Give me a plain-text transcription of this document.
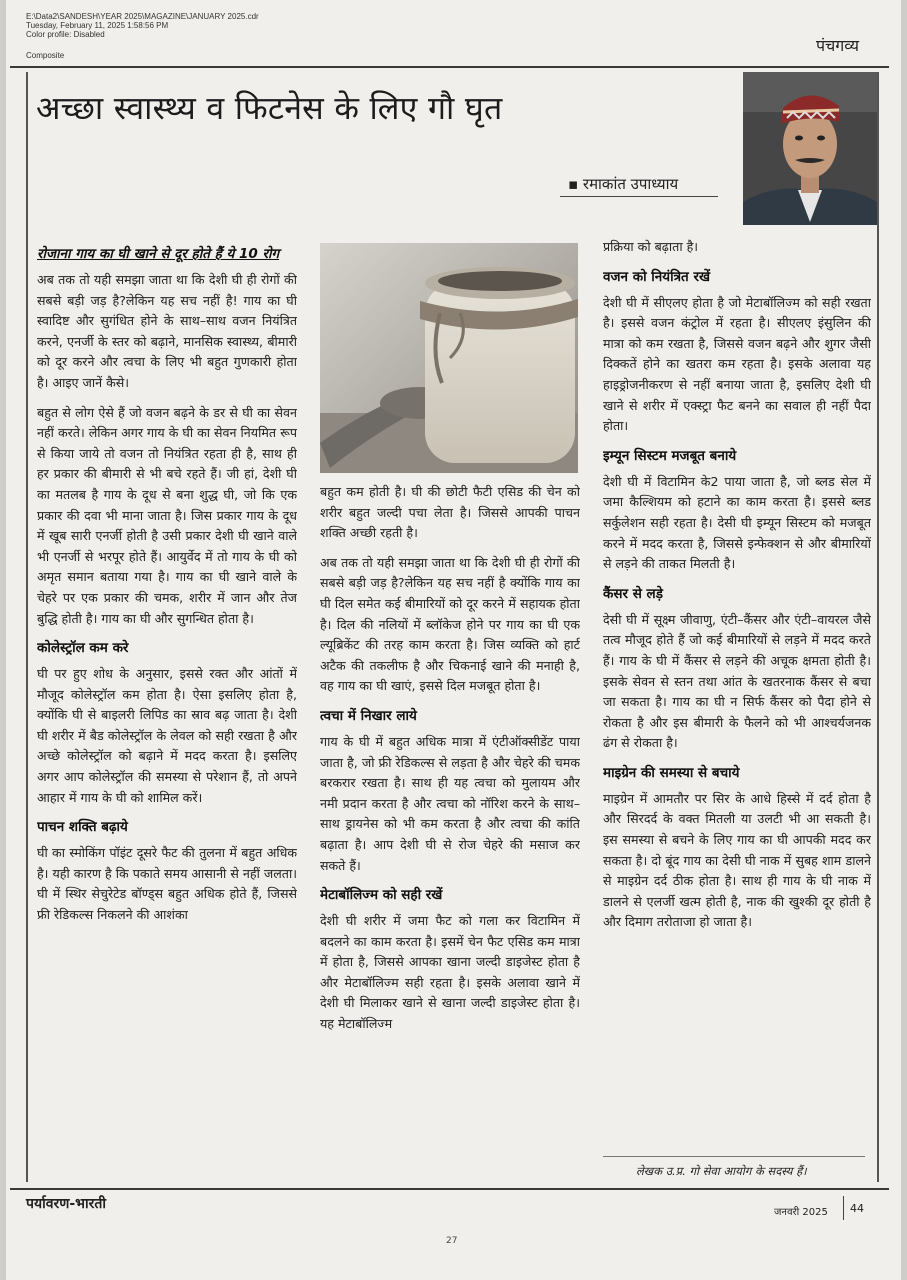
E:\Data2\SANDESH\YEAR 2025\MAGAZINE\JANUARY 2025.cdr
Tuesday, February 11, 2025 1:58:56 PM
Color profile: Disabled
Composite
पंचगव्य
अच्छा स्वास्थ्य व फिटनेस के लिए गौ घृत
▪ रमाकांत उपाध्याय
रोजाना गाय का घी खाने से दूर होते हैं ये 10 रोग

अब तक तो यही समझा जाता था कि देशी घी ही रोगों की सबसे बड़ी जड़ है?लेकिन यह सच नहीं है! गाय का घी स्वादिष्ट और सुगंधित होने के साथ–साथ वजन नियंत्रित करने, एनर्जी के स्तर को बढ़ाने, मानसिक स्वास्थ्य, बीमारी को दूर करने और त्वचा के लिए भी बहुत गुणकारी होता है। आइए जानें कैसे।

बहुत से लोग ऐसे हैं जो वजन बढ़ने के डर से घी का सेवन नहीं करते। लेकिन अगर गाय के घी का सेवन नियमित रूप से किया जाये तो वजन तो नियंत्रित रहता ही है, साथ ही हर प्रकार की बीमारी से भी बचे रहते हैं। जी हां, देशी घी का मतलब है गाय के दूध से बना शुद्ध घी, जो कि एक प्रकार की दवा भी माना जाता है। जिस प्रकार गाय के दूध में खूब सारी एनर्जी होती है उसी प्रकार देशी घी खाने वाले भी एनर्जी से भरपूर होते हैं। आयुर्वेद में तो गाय के घी को अमृत समान बताया गया है। गाय का घी खाने वाले के चेहरे पर एक प्रकार की चमक, शरीर में जान और तेज बुद्धि होती है। गाय का घी और सुगन्धित होता है।

कोलेस्ट्रॉल कम करे

घी पर हुए शोध के अनुसार, इससे रक्त और आंतों में मौजूद कोलेस्ट्रॉल कम होता है। ऐसा इसलिए होता है, क्योंकि घी से बाइलरी लिपिड का स्राव बढ़ जाता है। देशी घी शरीर में बैड कोलेस्ट्रॉल के लेवल को सही रखता है और अच्छे कोलेस्ट्रॉल को बढ़ाने में मदद करता है। इसलिए अगर आप कोलेस्ट्रॉल की समस्या से परेशान हैं, तो अपने आहार में गाय के घी को शामिल करें।

पाचन शक्ति बढ़ाये

घी का स्मोकिंग पॉइंट दूसरे फैट की तुलना में बहुत अधिक है। यही कारण है कि पकाते समय आसानी से नहीं जलता। घी में स्थिर सेचुरेटेड बॉण्ड्स बहुत अधिक होते हैं, जिससे फ्री रेडिकल्स निकलने की आशंका

बहुत कम होती है। घी की छोटी फैटी एसिड की चेन को शरीर बहुत जल्दी पचा लेता है। जिससे आपकी पाचन शक्ति अच्छी रहती है।

अब तक तो यही समझा जाता था कि देशी घी ही रोगों की सबसे बड़ी जड़ है?लेकिन यह सच नहीं है क्योंकि गाय का घी दिल समेत कई बीमारियों को दूर करने में सहायक होता है। दिल की नलियों में ब्लॉकेज होने पर गाय का घी एक ल्यूब्रिकेंट की तरह काम करता है। जिस व्यक्ति को हार्ट अटैक की तकलीफ है और चिकनाई खाने की मनाही है, वह गाय का घी खाएं, इससे दिल मजबूत होता है।

त्वचा में निखार लाये

गाय के घी में बहुत अधिक मात्रा में एंटीऑक्सीडेंट पाया जाता है, जो फ्री रेडिकल्स से लड़ता है और चेहरे की चमक बरकरार रखता है। साथ ही यह त्वचा को मुलायम और नमी प्रदान करता है और त्वचा को नॉरिश करने के साथ–साथ ड्रायनेस को भी कम करता है और त्वचा की कांति बढ़ाता है। आप देशी घी से रोज चेहरे की मसाज कर सकते हैं।

मेटाबॉलिज्म को सही रखें

देशी घी शरीर में जमा फैट को गला कर विटामिन में बदलने का काम करता है। इसमें चेन फैट एसिड कम मात्रा में होता है, जिससे आपका खाना जल्दी डाइजेस्ट होता है और मेटाबॉलिज्म सही रहता है। इसके अलावा खाने में देशी घी मिलाकर खाने से खाना जल्दी डाइजेस्ट होता है। यह मेटाबॉलिज्म

प्रक्रिया को बढ़ाता है।

वजन को नियंत्रित रखें

देशी घी में सीएलए होता है जो मेटाबॉलिज्म को सही रखता है। इससे वजन कंट्रोल में रहता है। सीएलए इंसुलिन की मात्रा को कम रखता है, जिससे वजन बढ़ने और शुगर जैसी दिक्कतें होने का खतरा कम रहता है। इसके अलावा यह हाइड्रोजनीकरण से नहीं बनाया जाता है, इसलिए देशी घी खाने से शरीर में एक्स्ट्रा फैट बनने का सवाल ही नहीं पैदा होता।

इम्यून सिस्टम मजबूत बनाये

देशी घी में विटामिन के2 पाया जाता है, जो ब्लड सेल में जमा कैल्शियम को हटाने का काम करता है। इससे ब्लड सर्कुलेशन सही रहता है। देसी घी इम्यून सिस्टम को मजबूत करने में मदद करता है, जिससे इन्फेक्शन से और बीमारियों से लड़ने की ताकत मिलती है।

कैंसर से लड़े

देसी घी में सूक्ष्म जीवाणु, एंटी–कैंसर और एंटी–वायरल जैसे तत्व मौजूद होते हैं जो कई बीमारियों से लड़ने में मदद करते हैं। गाय के घी में कैंसर से लड़ने की अचूक क्षमता होती है। इसके सेवन से स्तन तथा आंत के खतरनाक कैंसर से बचा जा सकता है। गाय का घी न सिर्फ कैंसर को पैदा होने से रोकता है और इस बीमारी के फैलने को भी आश्चर्यजनक ढंग से रोकता है।

माइग्रेन की समस्या से बचाये

माइग्रेन में आमतौर पर सिर के आधे हिस्से में दर्द होता है और सिरदर्द के वक्त मितली या उलटी भी आ सकती है। इस समस्या से बचने के लिए गाय का घी आपकी मदद कर सकता है। दो बूंद गाय का देसी घी नाक में सुबह शाम डालने से माइग्रेन दर्द ठीक होता है। साथ ही गाय के घी नाक में डालने से एलर्जी खत्म होती है, नाक की खुश्की दूर होती है और दिमाग तरोताजा हो जाता है।

लेखक उ.प्र. गो सेवा आयोग के सदस्य हैं।
पर्यावरण-भारती
जनवरी 2025 44
27
